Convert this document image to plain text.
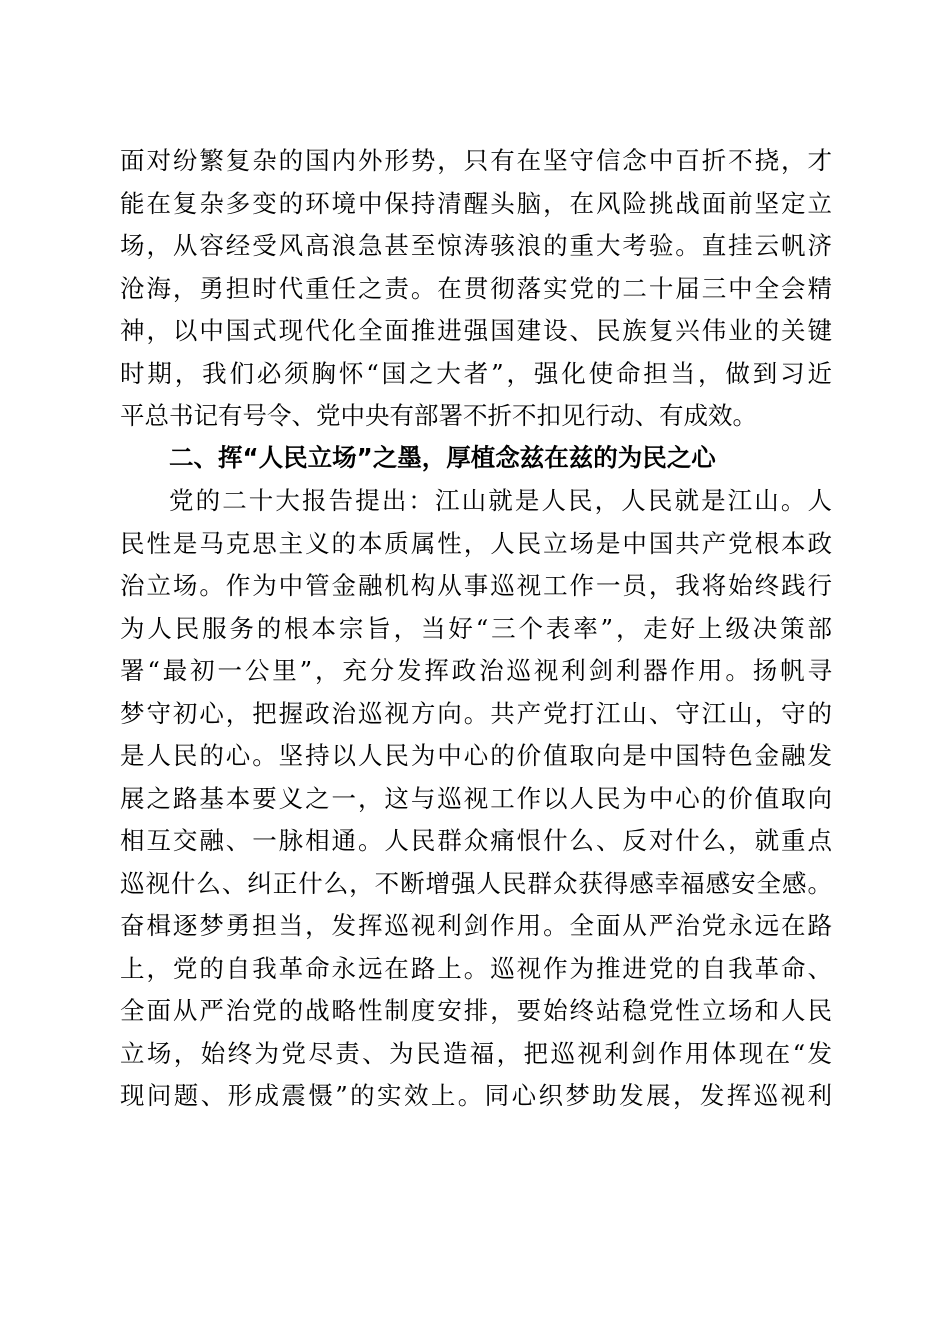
面对纷繁复杂的国内外形势，只有在坚守信念中百折不挠，才
能在复杂多变的环境中保持清醒头脑，在风险挑战面前坚定立
场，从容经受风高浪急甚至惊涛骇浪的重大考验。直挂云帆济
沧海，勇担时代重任之责。在贯彻落实党的二十届三中全会精
神，以中国式现代化全面推进强国建设、民族复兴伟业的关键
时期，我们必须胸怀“国之大者”，强化使命担当，做到习近
平总书记有号令、党中央有部署不折不扣见行动、有成效。
二、挥“人民立场”之墨，厚植念兹在兹的为民之心
党的二十大报告提出：江山就是人民，人民就是江山。人
民性是马克思主义的本质属性，人民立场是中国共产党根本政
治立场。作为中管金融机构从事巡视工作一员，我将始终践行
为人民服务的根本宗旨，当好“三个表率”，走好上级决策部
署“最初一公里”，充分发挥政治巡视利剑利器作用。扬帆寻
梦守初心，把握政治巡视方向。共产党打江山、守江山，守的
是人民的心。坚持以人民为中心的价值取向是中国特色金融发
展之路基本要义之一，这与巡视工作以人民为中心的价值取向
相互交融、一脉相通。人民群众痛恨什么、反对什么，就重点
巡视什么、纠正什么，不断增强人民群众获得感幸福感安全感。
奋楫逐梦勇担当，发挥巡视利剑作用。全面从严治党永远在路
上，党的自我革命永远在路上。巡视作为推进党的自我革命、
全面从严治党的战略性制度安排，要始终站稳党性立场和人民
立场，始终为党尽责、为民造福，把巡视利剑作用体现在“发
现问题、形成震慑”的实效上。同心织梦助发展，发挥巡视利
